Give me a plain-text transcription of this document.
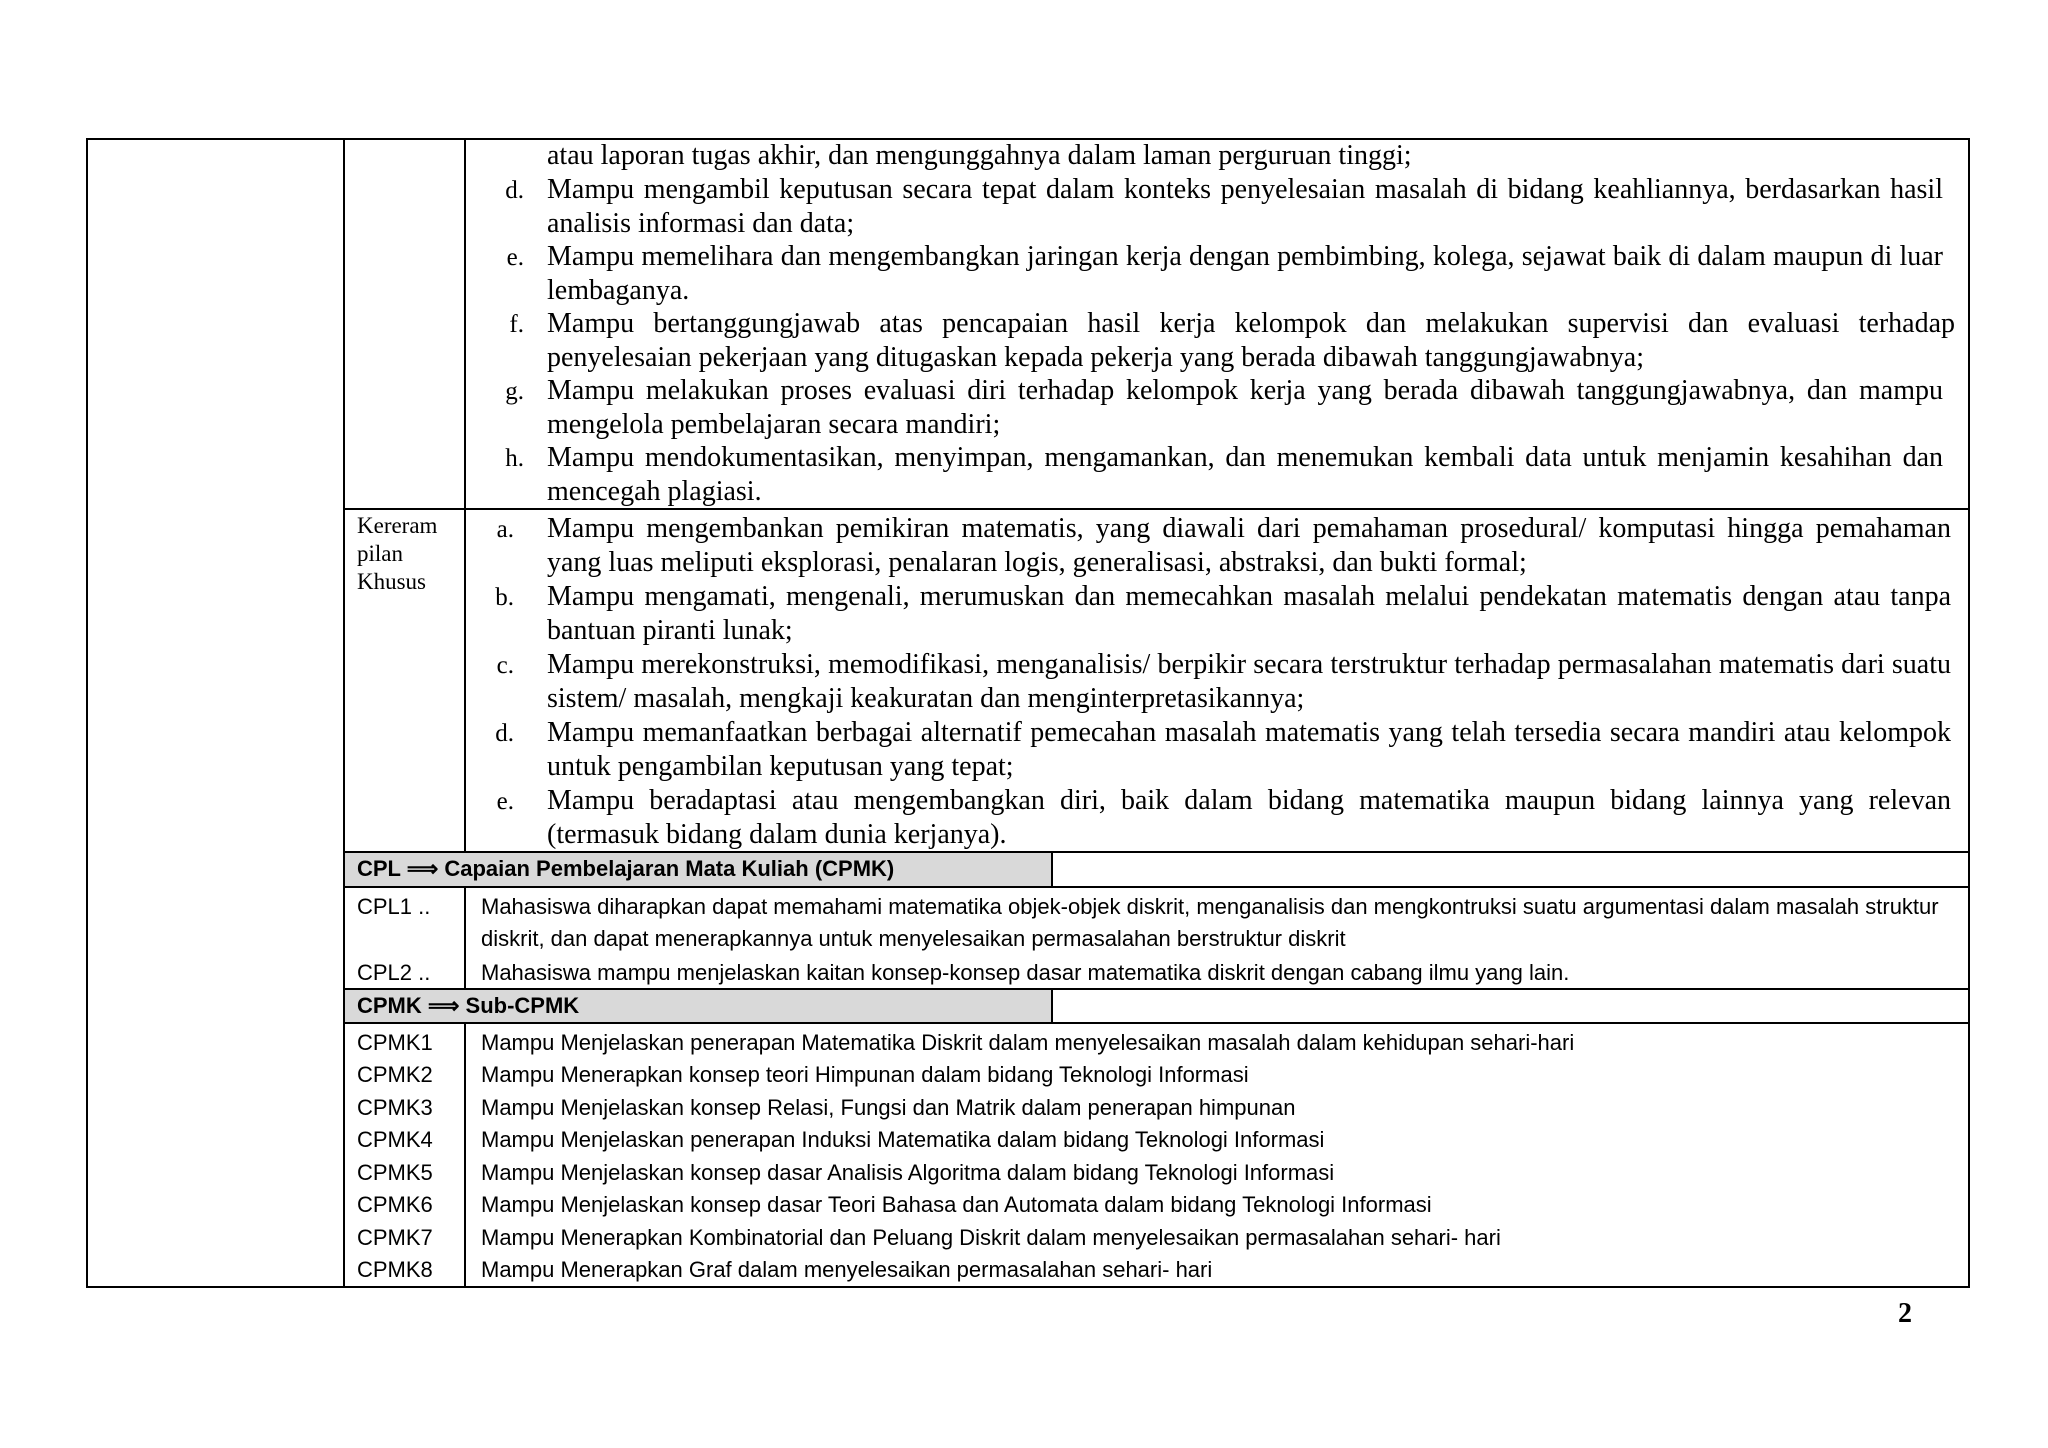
atau laporan tugas akhir, dan mengunggahnya dalam laman perguruan tinggi;
d. Mampu mengambil keputusan secara tepat dalam konteks penyelesaian masalah di bidang keahliannya, berdasarkan hasil analisis informasi dan data;
e. Mampu memelihara dan mengembangkan jaringan kerja dengan pembimbing, kolega, sejawat baik di dalam maupun di luar lembaganya.
f. Mampu bertanggungjawab atas pencapaian hasil kerja kelompok dan melakukan supervisi dan evaluasi terhadap penyelesaian pekerjaan yang ditugaskan kepada pekerja yang berada dibawah tanggungjawabnya;
g. Mampu melakukan proses evaluasi diri terhadap kelompok kerja yang berada dibawah tanggungjawabnya, dan mampu mengelola pembelajaran secara mandiri;
h. Mampu mendokumentasikan, menyimpan, mengamankan, dan menemukan kembali data untuk menjamin kesahihan dan mencegah plagiasi.
Kereram
pilan
Khusus
a. Mampu mengembankan pemikiran matematis, yang diawali dari pemahaman prosedural/ komputasi hingga pemahaman yang luas meliputi eksplorasi, penalaran logis, generalisasi, abstraksi, dan bukti formal;
b. Mampu mengamati, mengenali, merumuskan dan memecahkan masalah melalui pendekatan matematis dengan atau tanpa bantuan piranti lunak;
c. Mampu merekonstruksi, memodifikasi, menganalisis/ berpikir secara terstruktur terhadap permasalahan matematis dari suatu sistem/ masalah, mengkaji keakuratan dan menginterpretasikannya;
d. Mampu memanfaatkan berbagai alternatif pemecahan masalah matematis yang telah tersedia secara mandiri atau kelompok untuk pengambilan keputusan yang tepat;
e. Mampu beradaptasi atau mengembangkan diri, baik dalam bidang matematika maupun bidang lainnya yang relevan (termasuk bidang dalam dunia kerjanya).
CPL ⟹ Capaian Pembelajaran Mata Kuliah (CPMK)
CPL1 .. Mahasiswa diharapkan dapat memahami matematika objek-objek diskrit, menganalisis dan mengkontruksi suatu argumentasi dalam masalah struktur diskrit, dan dapat menerapkannya untuk menyelesaikan permasalahan berstruktur diskrit
CPL2 .. Mahasiswa mampu menjelaskan kaitan konsep-konsep dasar matematika diskrit dengan cabang ilmu yang lain.
CPMK ⟹ Sub-CPMK
CPMK1 Mampu Menjelaskan penerapan Matematika Diskrit dalam menyelesaikan masalah dalam kehidupan sehari-hari
CPMK2 Mampu Menerapkan konsep teori Himpunan dalam bidang Teknologi Informasi
CPMK3 Mampu Menjelaskan konsep Relasi, Fungsi dan Matrik dalam penerapan himpunan
CPMK4 Mampu Menjelaskan penerapan Induksi Matematika dalam bidang Teknologi Informasi
CPMK5 Mampu Menjelaskan konsep dasar Analisis Algoritma dalam bidang Teknologi Informasi
CPMK6 Mampu Menjelaskan konsep dasar Teori Bahasa dan Automata dalam bidang Teknologi Informasi
CPMK7 Mampu Menerapkan Kombinatorial dan Peluang Diskrit dalam menyelesaikan permasalahan sehari- hari
CPMK8 Mampu Menerapkan Graf dalam menyelesaikan permasalahan sehari- hari
2
